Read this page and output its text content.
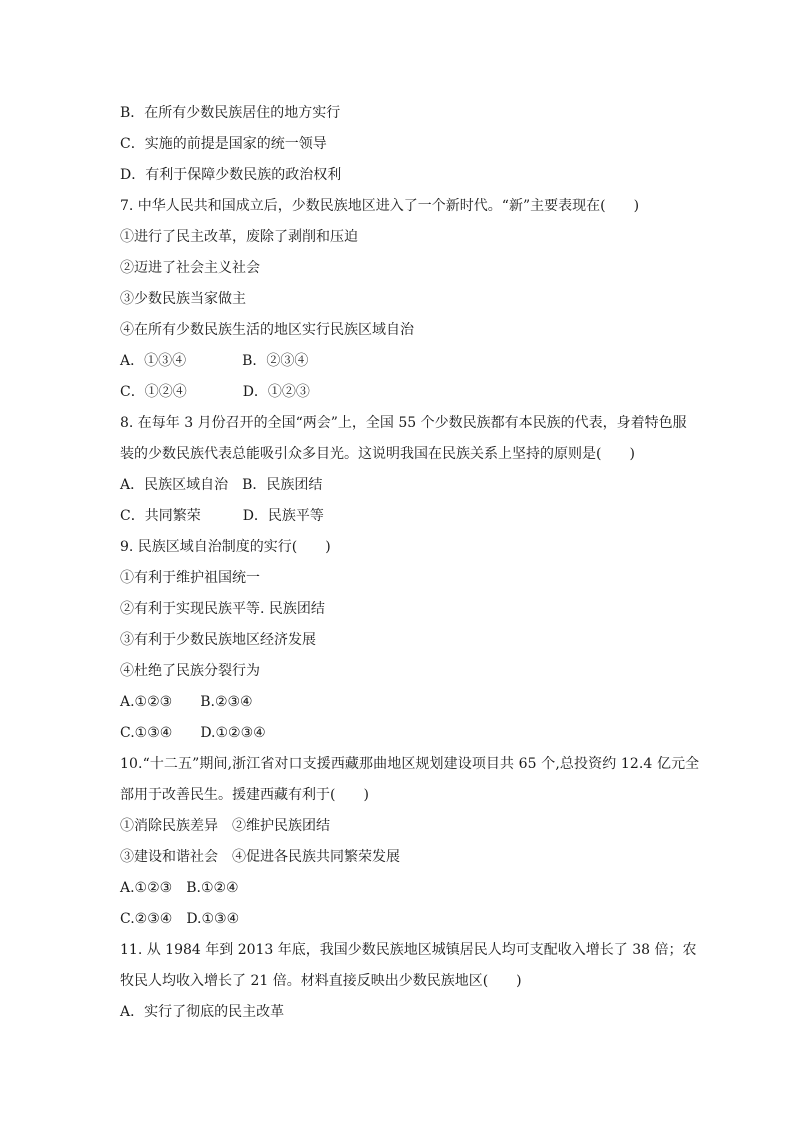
B．在所有少数民族居住的地方实行
C．实施的前提是国家的统一领导
D．有利于保障少数民族的政治权利
7. 中华人民共和国成立后，少数民族地区进入了一个新时代。“新”主要表现在(　　)
①进行了民主改革，废除了剥削和压迫
②迈进了社会主义社会
③少数民族当家做主
④在所有少数民族生活的地区实行民族区域自治
A．①③④　　　　B．②③④
C．①②④　　　　D．①②③
8. 在每年 3 月份召开的全国“两会”上，全国 55 个少数民族都有本民族的代表，身着特色服
装的少数民族代表总能吸引众多目光。这说明我国在民族关系上坚持的原则是(　　)
A．民族区域自治　B．民族团结
C．共同繁荣　　　D．民族平等
9. 民族区域自治制度的实行(　　)
①有利于维护祖国统一
②有利于实现民族平等. 民族团结
③有利于少数民族地区经济发展
④杜绝了民族分裂行为
A.①②③　　B.②③④
C.①③④　　D.①②③④
10.“十二五”期间,浙江省对口支援西藏那曲地区规划建设项目共 65 个,总投资约 12.4 亿元全
部用于改善民生。援建西藏有利于(　　)
①消除民族差异　②维护民族团结
③建设和谐社会　④促进各民族共同繁荣发展
A.①②③　B.①②④
C.②③④　D.①③④
11. 从 1984 年到 2013 年底，我国少数民族地区城镇居民人均可支配收入增长了 38 倍；农
牧民人均收入增长了 21 倍。材料直接反映出少数民族地区(　　)
A．实行了彻底的民主改革
